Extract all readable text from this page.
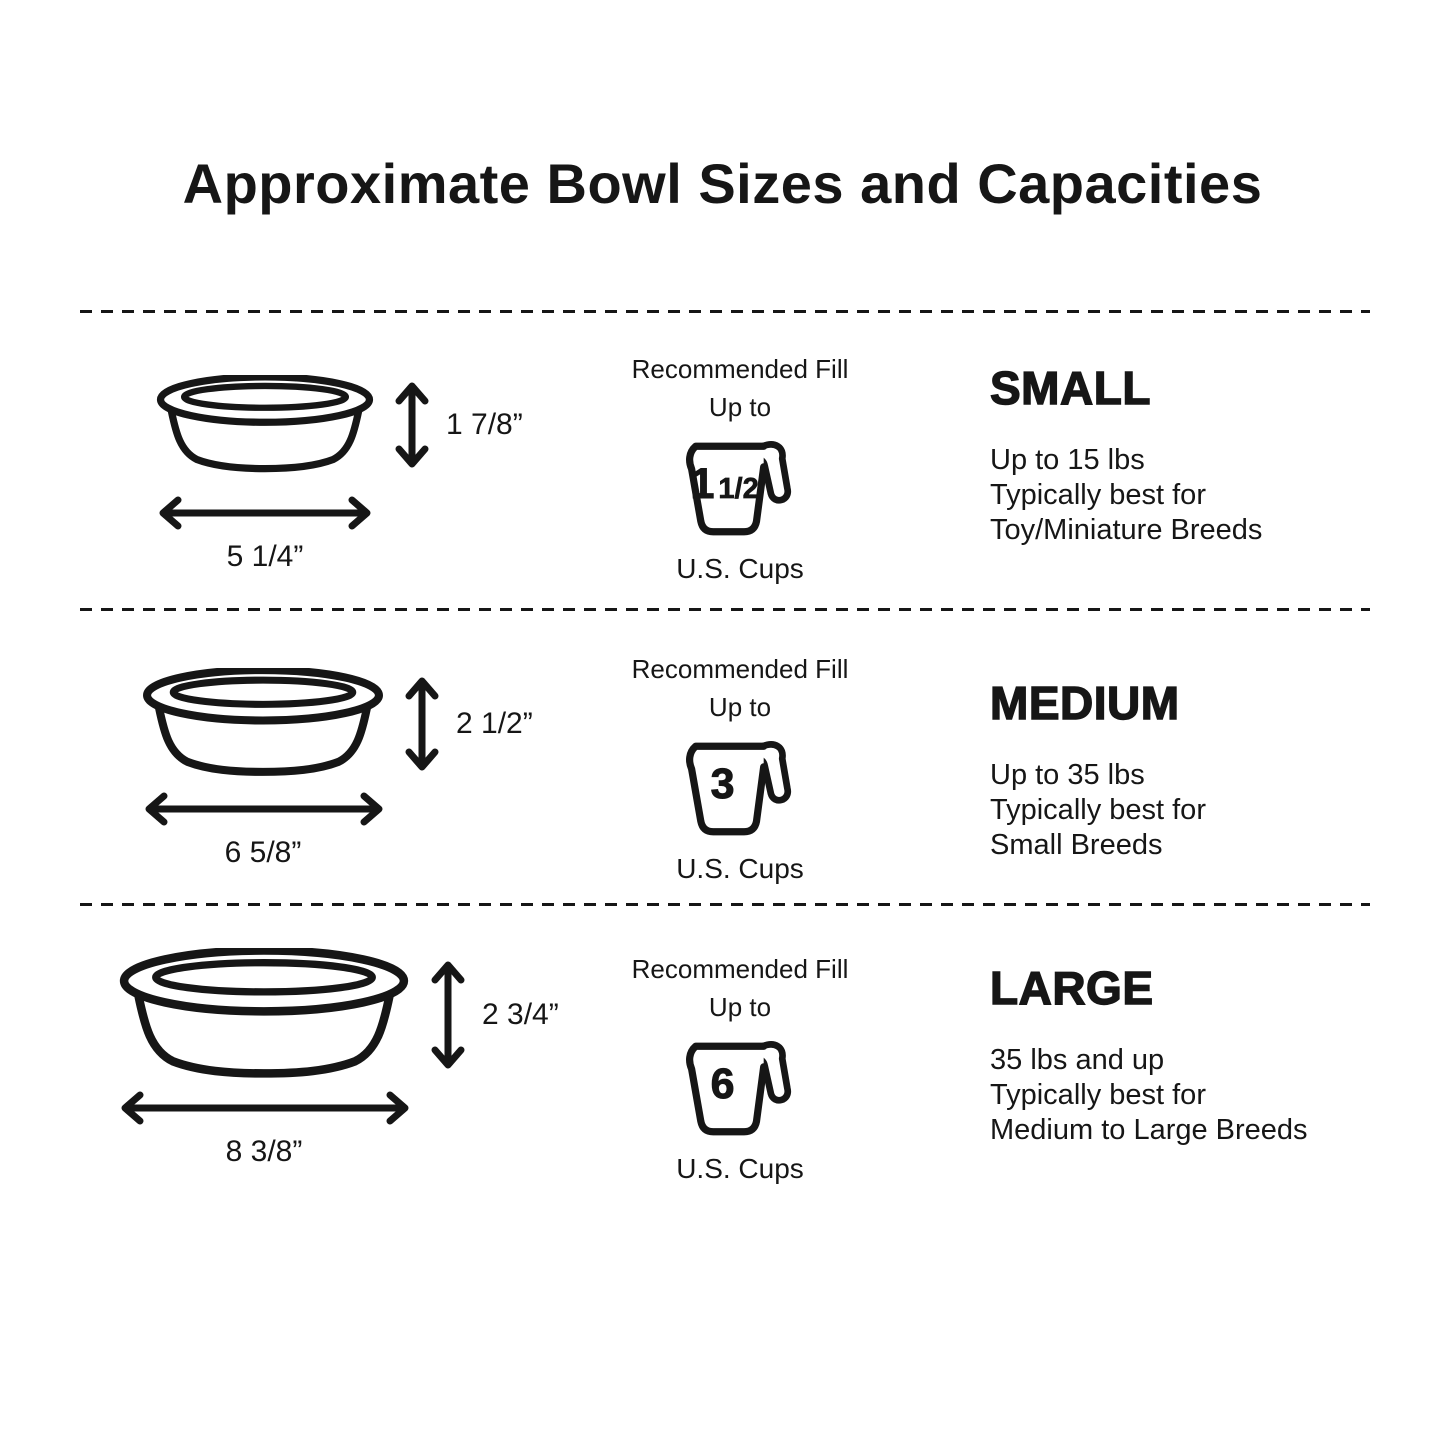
Approximate Bowl Sizes and Capacities
1 7/8”
5 1/4”
Recommended Fill
Up to
1 1/2
U.S. Cups
SMALL

Up to 15 lbs

Typically best for

Toy/Miniature Breeds

2 1/2”
6 5/8”
Recommended Fill
Up to
3
U.S. Cups
MEDIUM

Up to 35 lbs

Typically best for

Small Breeds

2 3/4”
8 3/8”
Recommended Fill
Up to
6
U.S. Cups
LARGE

35 lbs and up

Typically best for

Medium to Large Breeds
